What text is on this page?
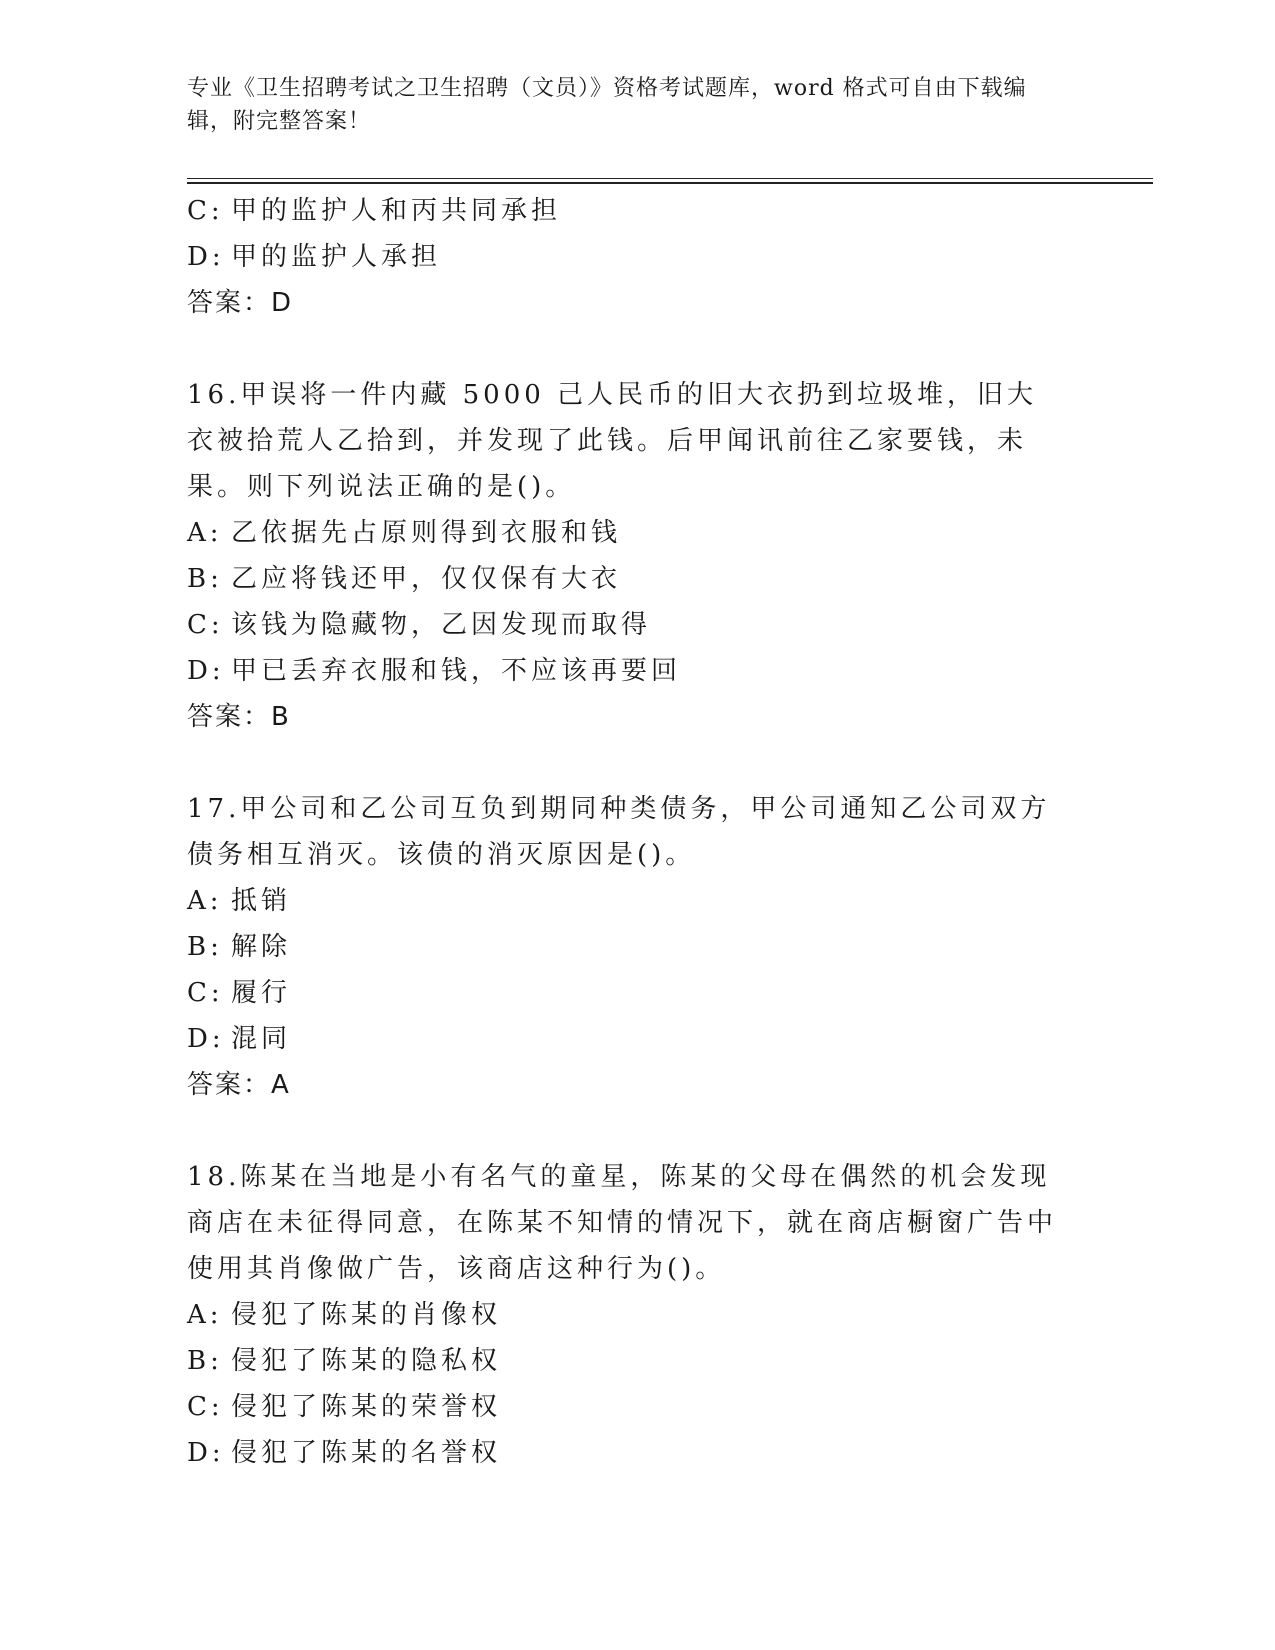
专业《卫生招聘考试之卫生招聘（文员）》资格考试题库，word 格式可自由下载编辑，附完整答案！
C: 甲的监护人和丙共同承担
D: 甲的监护人承担
答案：D
16.甲误将一件内藏 5000 己人民币的旧大衣扔到垃圾堆，旧大衣被拾荒人乙拾到，并发现了此钱。后甲闻讯前往乙家要钱，未果。则下列说法正确的是()。
A: 乙依据先占原则得到衣服和钱
B: 乙应将钱还甲，仅仅保有大衣
C: 该钱为隐藏物，乙因发现而取得
D: 甲已丢弃衣服和钱，不应该再要回
答案：B
17.甲公司和乙公司互负到期同种类债务，甲公司通知乙公司双方债务相互消灭。该债的消灭原因是()。
A: 抵销
B: 解除
C: 履行
D: 混同
答案：A
18.陈某在当地是小有名气的童星，陈某的父母在偶然的机会发现商店在未征得同意，在陈某不知情的情况下，就在商店橱窗广告中使用其肖像做广告，该商店这种行为()。
A: 侵犯了陈某的肖像权
B: 侵犯了陈某的隐私权
C: 侵犯了陈某的荣誉权
D: 侵犯了陈某的名誉权
